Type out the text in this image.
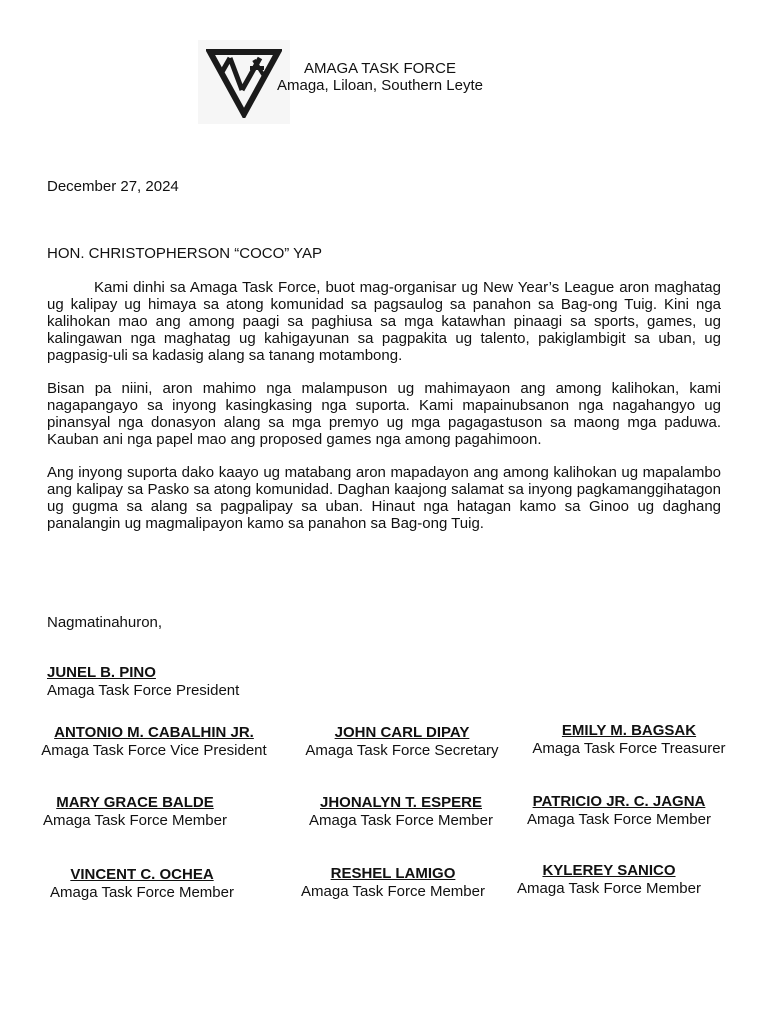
AMAGA TASK FORCE
Amaga, Liloan, Southern Leyte
December 27, 2024
HON. CHRISTOPHERSON “COCO” YAP

Kami dinhi sa Amaga Task Force, buot mag-organisar ug New Year’s League aron maghatag ug kalipay ug himaya sa atong komunidad sa pagsaulog sa panahon sa Bag-ong Tuig. Kini nga kalihokan mao ang among paagi sa paghiusa sa mga katawhan pinaagi sa sports, games, ug kalingawan nga maghatag ug kahigayunan sa pagpakita ug talento, pakiglambigit sa uban, ug pagpasig-uli sa kadasig alang sa tanang motambong.

Bisan pa niini, aron mahimo nga malampuson ug mahimayaon ang among kalihokan, kami nagapangayo sa inyong kasingkasing nga suporta. Kami mapainubsanon nga nagahangyo ug pinansyal nga donasyon alang sa mga premyo ug mga pagagastuson sa maong mga paduwa. Kauban ani nga papel mao ang proposed games nga among pagahimoon.

Ang inyong suporta dako kaayo ug matabang aron mapadayon ang among kalihokan ug mapalambo ang kalipay sa Pasko sa atong komunidad. Daghan kaajong salamat sa inyong pagkamanggihatagon ug gugma sa alang sa pagpalipay sa uban. Hinaut nga hatagan kamo sa Ginoo ug daghang panalangin ug magmalipayon kamo sa panahon sa Bag-ong Tuig.

Nagmatinahuron,
JUNEL B. PINO
Amaga Task Force President
ANTONIO M. CABALHIN JR.
Amaga Task Force Vice President
JOHN CARL DIPAY
Amaga Task Force Secretary
EMILY M. BAGSAK
Amaga Task Force Treasurer
MARY GRACE BALDE
Amaga Task Force Member
JHONALYN T. ESPERE
Amaga Task Force Member
PATRICIO JR. C. JAGNA
Amaga Task Force Member
VINCENT C. OCHEA
Amaga Task Force Member
RESHEL LAMIGO
Amaga Task Force Member
KYLEREY SANICO
Amaga Task Force Member
